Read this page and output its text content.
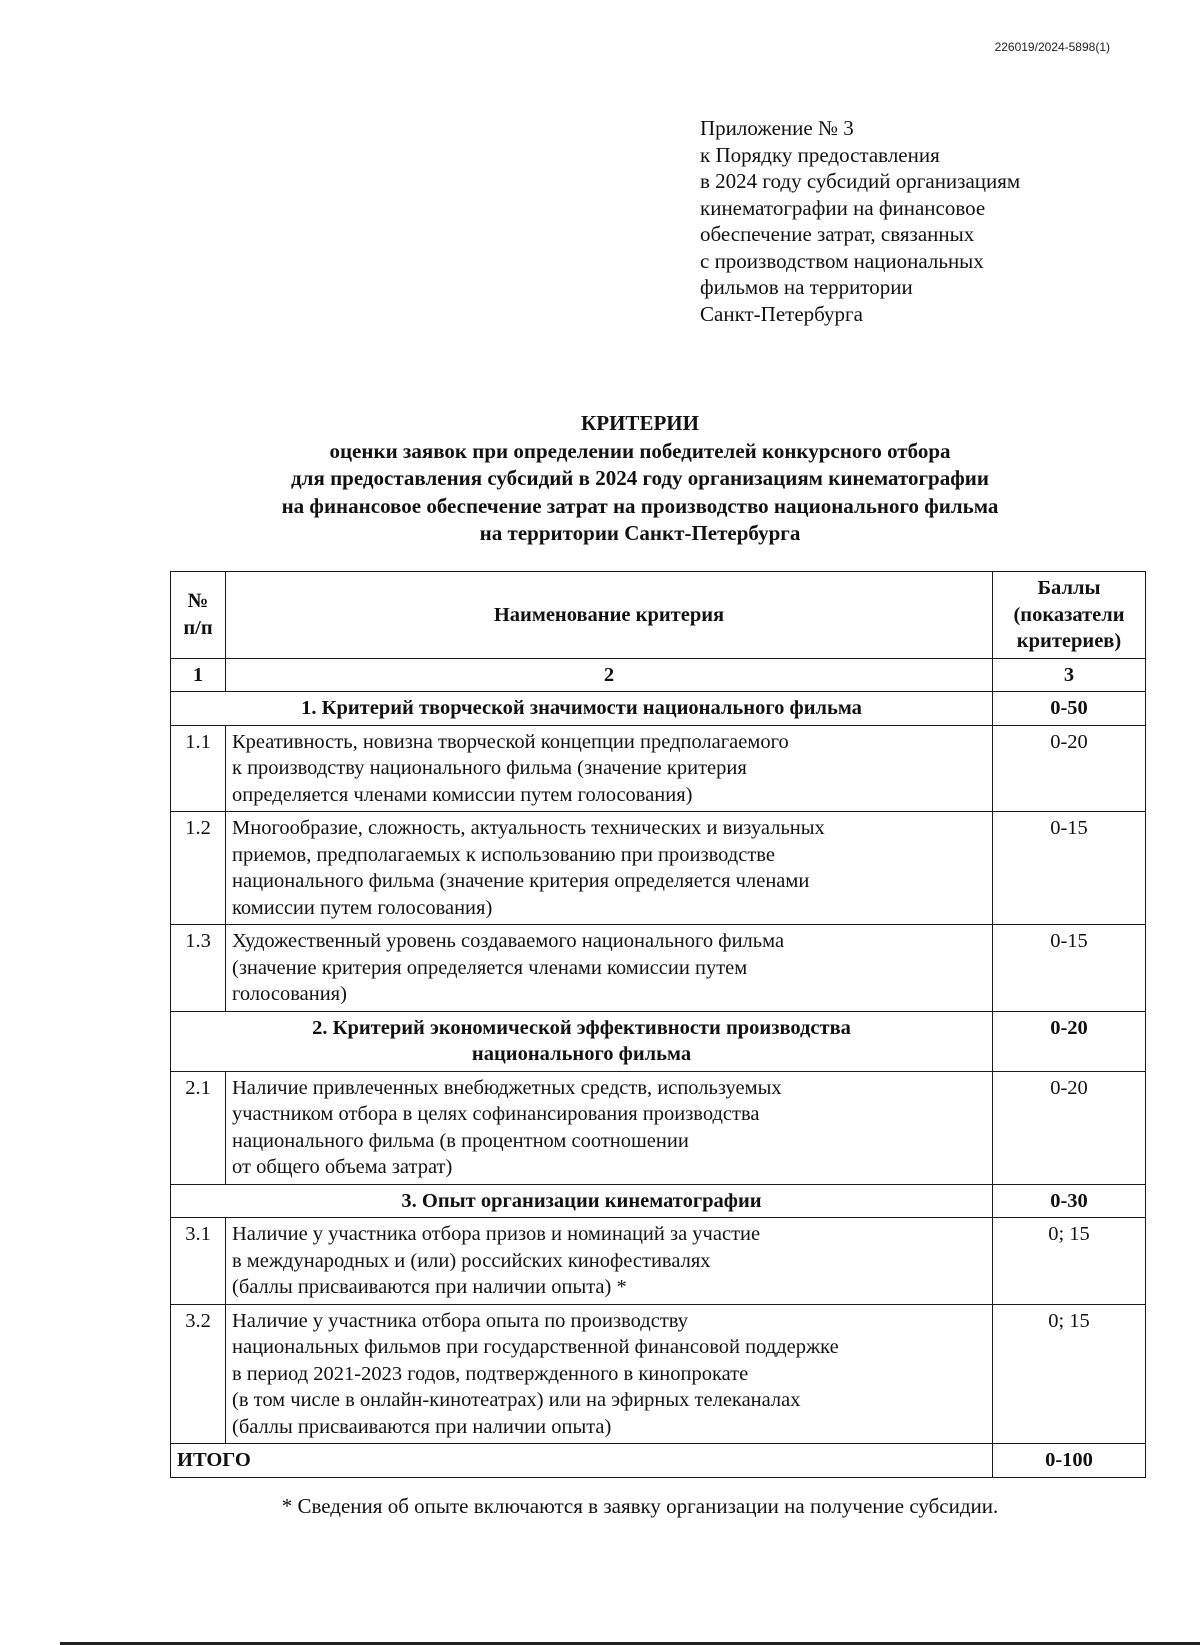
226019/2024-5898(1)
Приложение № 3
к Порядку предоставления
в 2024 году субсидий организациям
кинематографии на финансовое
обеспечение затрат, связанных
с производством национальных
фильмов на территории
Санкт-Петербурга
КРИТЕРИИ
оценки заявок при определении победителей конкурсного отбора
для предоставления субсидий в 2024 году организациям кинематографии
на финансовое обеспечение затрат на производство национального фильма
на территории Санкт-Петербурга
№ п/п	Наименование критерия	Баллы (показатели критериев)
1	2	3
1. Критерий творческой значимости национального фильма		0-50
1.1	Креативность, новизна творческой концепции предполагаемого
к производству национального фильма (значение критерия
определяется членами комиссии путем голосования)	0-20
1.2	Многообразие, сложность, актуальность технических и визуальных
приемов, предполагаемых к использованию при производстве
национального фильма (значение критерия определяется членами
комиссии путем голосования)	0-15
1.3	Художественный уровень создаваемого национального фильма
(значение критерия определяется членами комиссии путем
голосования)	0-15

2. Критерий экономической эффективности производства
национального фильма		0-20
2.1	Наличие привлеченных внебюджетных средств, используемых
участником отбора в целях софинансирования производства
национального фильма (в процентном соотношении
от общего объема затрат)	0-20
3. Опыт организации кинематографии		0-30
3.1	Наличие у участника отбора призов и номинаций за участие
в международных и (или) российских кинофестивалях
(баллы присваиваются при наличии опыта) *	0; 15
3.2	Наличие у участника отбора опыта по производству
национальных фильмов при государственной финансовой поддержке
в период 2021-2023 годов, подтвержденного в кинопрокате
(в том числе в онлайн-кинотеатрах) или на эфирных телеканалах
(баллы присваиваются при наличии опыта)	0; 15
ИТОГО		0-100
* Сведения об опыте включаются в заявку организации на получение субсидии.
